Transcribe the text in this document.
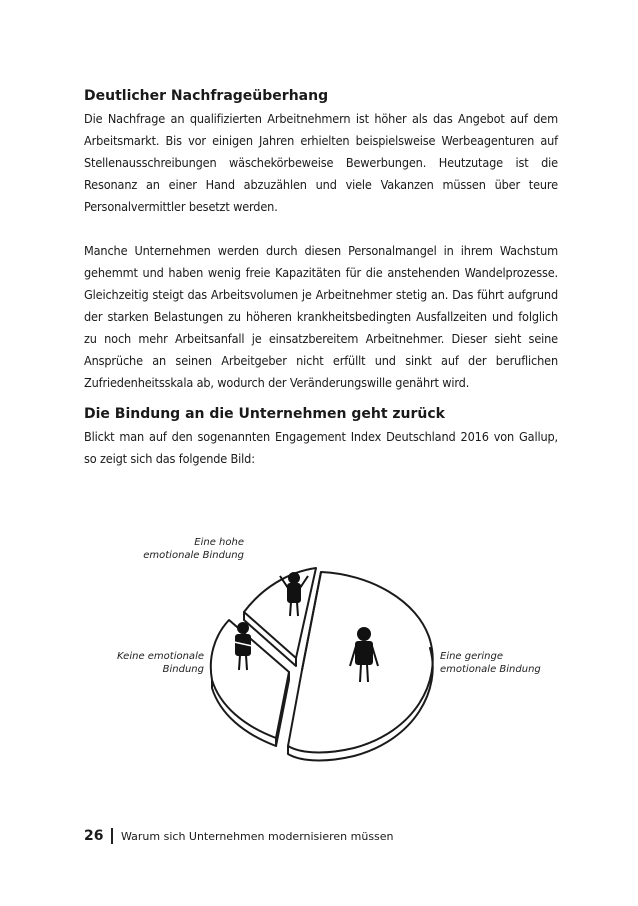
Deutlicher Nachfrageüberhang

Die Nachfrage an qualifizierten Arbeitnehmern ist höher als das Angebot auf dem Arbeitsmarkt. Bis vor einigen Jahren erhielten beispielsweise Werbeagenturen auf Stellenausschreibungen wäschekörbeweise Bewerbungen. Heutzutage ist die Resonanz an einer Hand abzuzählen und viele Vakanzen müssen über teure Personalvermittler besetzt werden.

Manche Unternehmen werden durch diesen Personalmangel in ihrem Wachstum gehemmt und haben wenig freie Kapazitäten für die anstehenden Wandelprozesse. Gleichzeitig steigt das Arbeitsvolumen je Arbeitnehmer stetig an. Das führt aufgrund der starken Belastungen zu höheren krankheitsbedingten Ausfallzeiten und folglich zu noch mehr Arbeitsanfall je einsatzbereitem Arbeitnehmer. Dieser sieht seine Ansprüche an seinen Arbeitgeber nicht erfüllt und sinkt auf der beruflichen Zufriedenheitsskala ab, wodurch der Veränderungswille genährt wird.

Die Bindung an die Unternehmen geht zurück

Blickt man auf den sogenannten Engagement Index Deutschland 2016 von Gallup, so zeigt sich das folgende Bild:

Eine hohe
emotionale Bindung
Keine emotionale
Bindung
Eine geringe
emotionale Bindung
26 Warum sich Unternehmen modernisieren müssen
